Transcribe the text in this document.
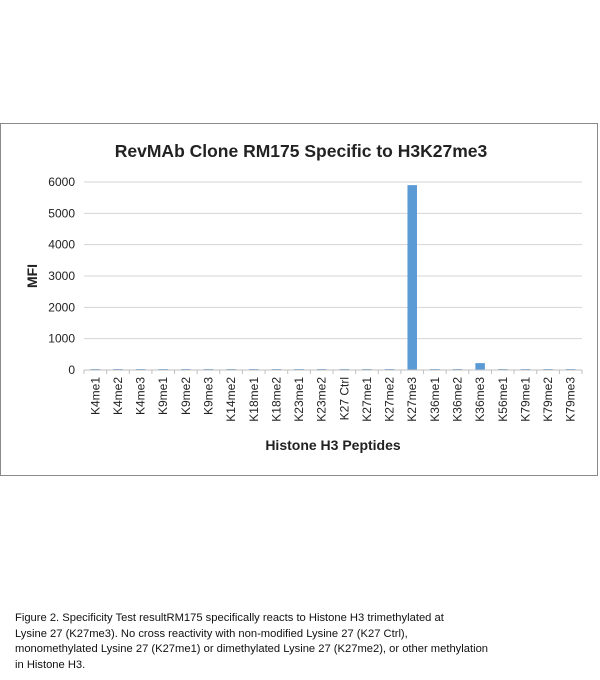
RevMAb Clone RM175 Specific to H3K27me3
MFI
Histone H3 Peptides
0
1000
2000
3000
4000
5000
6000
K4me1 K4me2 K4me3 K9me1 K9me2 K9me3 K14me2 K18me1 K18me2 K23me1 K23me2 K27 Ctrl K27me1 K27me2 K27me3 K36me1 K36me2 K36me3 K56me1 K79me1 K79me2 K79me3
Figure 2. Specificity Test resultRM175 specifically reacts to Histone H3 trimethylated at
Lysine 27 (K27me3). No cross reactivity with non-modified Lysine 27 (K27 Ctrl),
monomethylated Lysine 27 (K27me1) or dimethylated Lysine 27 (K27me2), or other methylation
in Histone H3.
